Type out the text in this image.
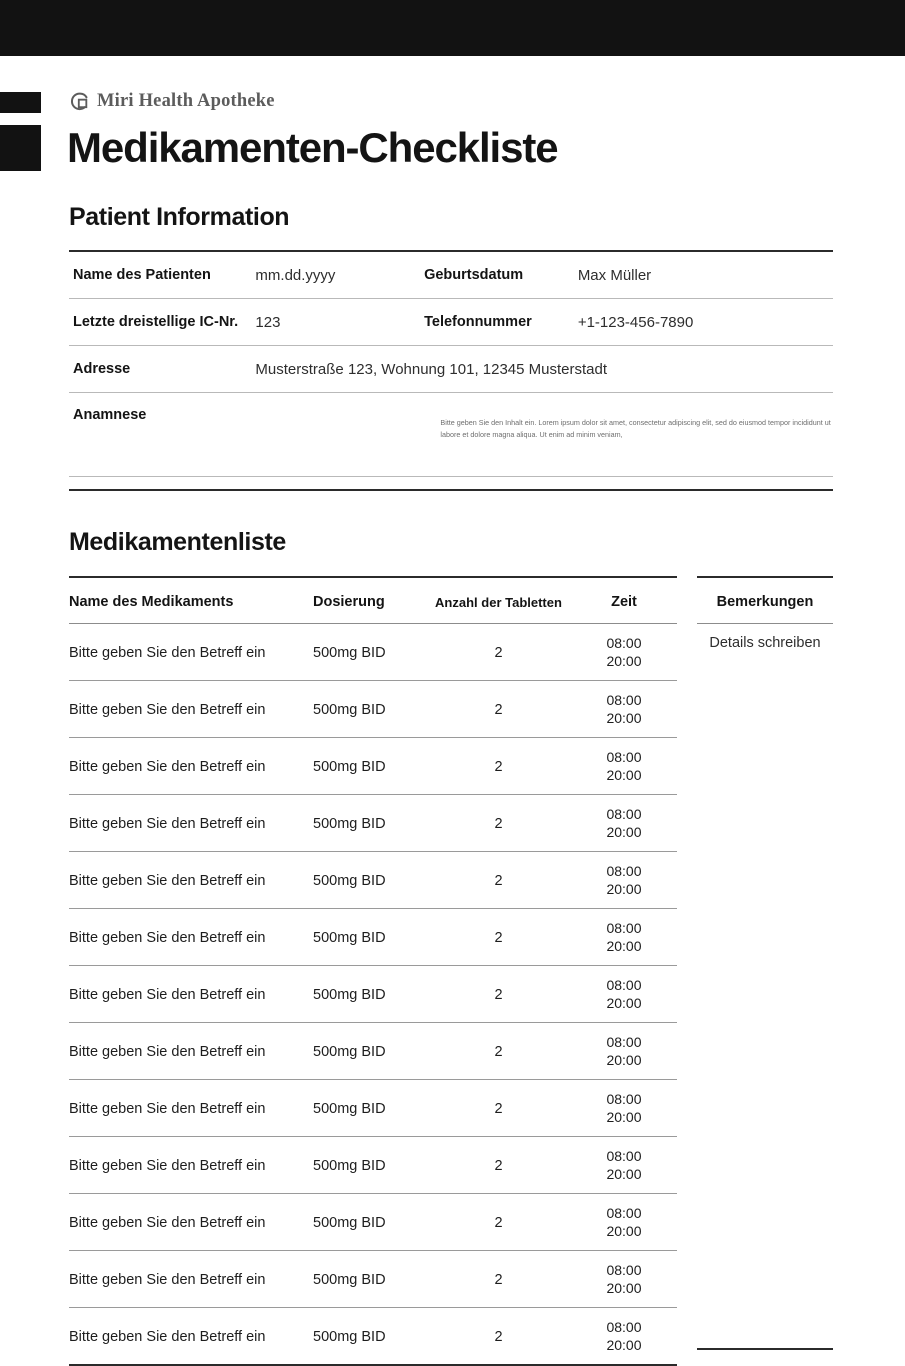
Miri Health Apotheke
Medikamenten-Checkliste
Patient Information
Name des Patienten	mm.dd.yyyy	Geburtsdatum	Max Müller
Letzte dreistellige IC-Nr.	123	Telefonnummer	+1-123-456-7890
Adresse	Musterstraße 123, Wohnung 101, 12345 Musterstadt		
Anamnese	Bitte geben Sie den Inhalt ein. Lorem ipsum dolor sit amet, consectetur adipiscing elit, sed do eiusmod tempor incididunt ut labore et dolore magna aliqua. Ut enim ad minim veniam,		
Medikamentenliste
Name des Medikaments	Dosierung	Anzahl der Tabletten	Zeit
Bitte geben Sie den Betreff ein	500mg BID	2	08:00
20:00

Bitte geben Sie den Betreff ein	500mg BID	2	08:00
20:00

Bitte geben Sie den Betreff ein	500mg BID	2	08:00
20:00

Bitte geben Sie den Betreff ein	500mg BID	2	08:00
20:00

Bitte geben Sie den Betreff ein	500mg BID	2	08:00
20:00

Bitte geben Sie den Betreff ein	500mg BID	2	08:00
20:00

Bitte geben Sie den Betreff ein	500mg BID	2	08:00
20:00

Bitte geben Sie den Betreff ein	500mg BID	2	08:00
20:00

Bitte geben Sie den Betreff ein	500mg BID	2	08:00
20:00

Bitte geben Sie den Betreff ein	500mg BID	2	08:00
20:00

Bitte geben Sie den Betreff ein	500mg BID	2	08:00
20:00

Bitte geben Sie den Betreff ein	500mg BID	2	08:00
20:00

Bitte geben Sie den Betreff ein	500mg BID	2	08:00
20:00
Bemerkungen
Details schreiben
